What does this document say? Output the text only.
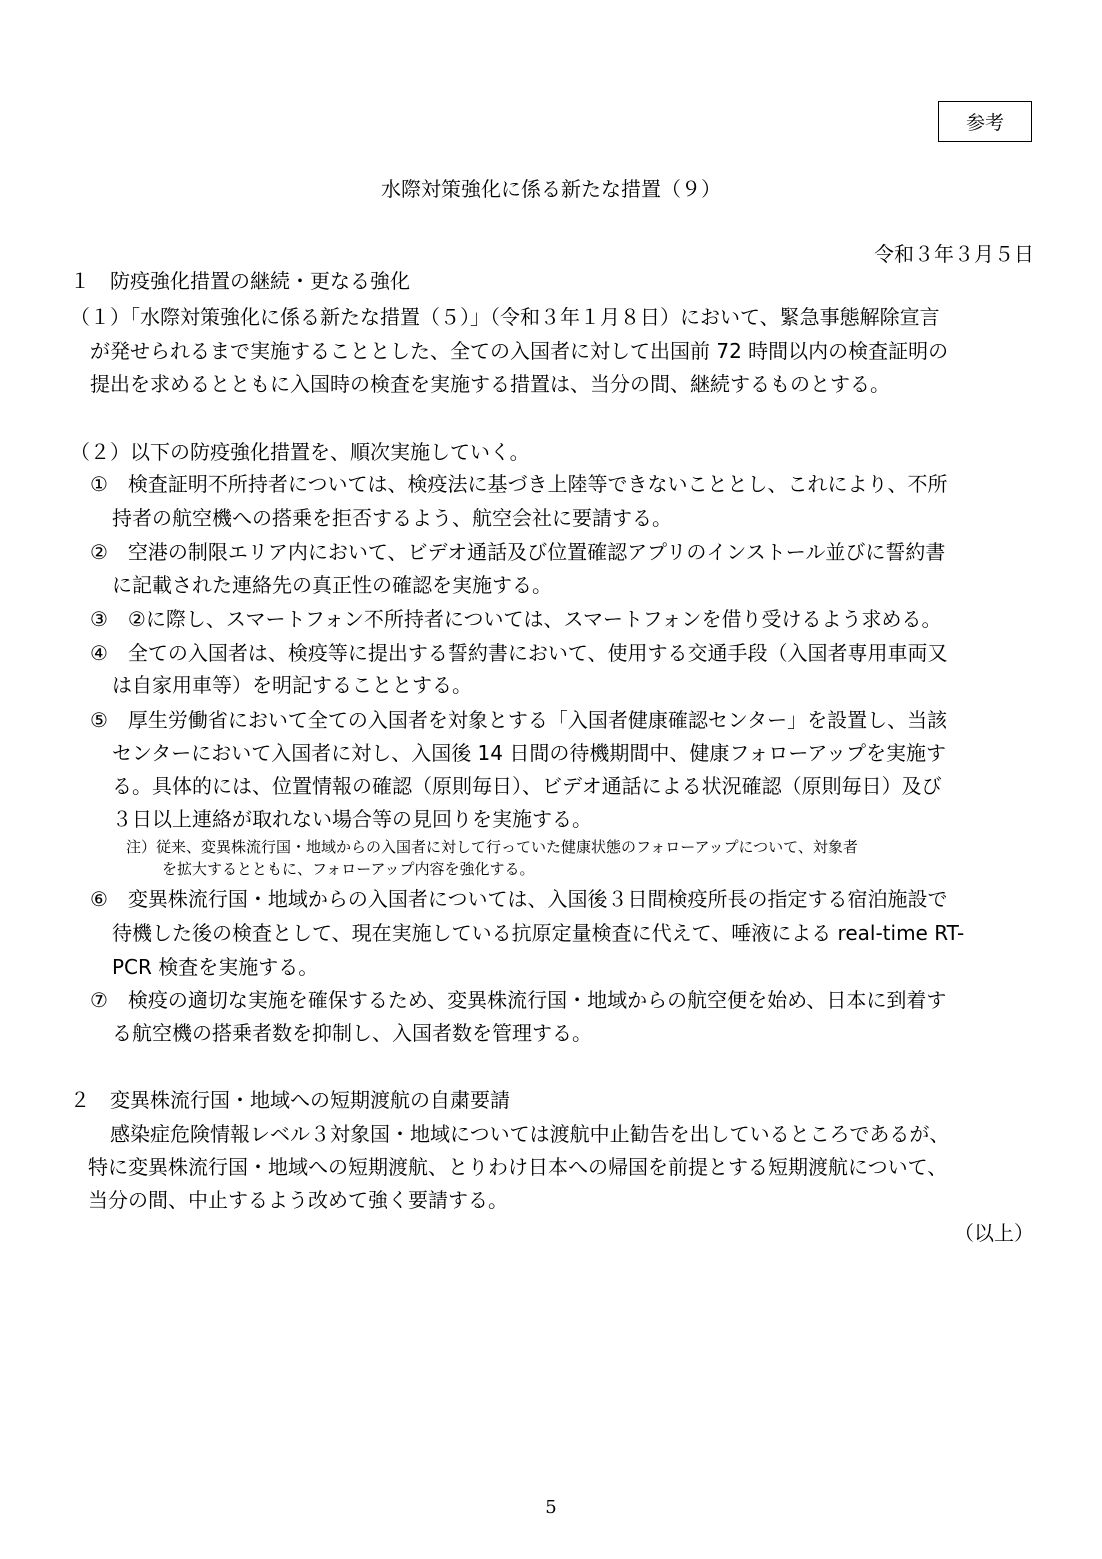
参考
水際対策強化に係る新たな措置（９）
令和３年３月５日
１　防疫強化措置の継続・更なる強化
（１）「水際対策強化に係る新たな措置（５）」（令和３年１月８日）において、緊急事態解除宣言
が発せられるまで実施することとした、全ての入国者に対して出国前 72 時間以内の検査証明の
提出を求めるとともに入国時の検査を実施する措置は、当分の間、継続するものとする。
（２）以下の防疫強化措置を、順次実施していく。
①　検査証明不所持者については、検疫法に基づき上陸等できないこととし、これにより、不所
持者の航空機への搭乗を拒否するよう、航空会社に要請する。
②　空港の制限エリア内において、ビデオ通話及び位置確認アプリのインストール並びに誓約書
に記載された連絡先の真正性の確認を実施する。
③　②に際し、スマートフォン不所持者については、スマートフォンを借り受けるよう求める。
④　全ての入国者は、検疫等に提出する誓約書において、使用する交通手段（入国者専用車両又
は自家用車等）を明記することとする。
⑤　厚生労働省において全ての入国者を対象とする「入国者健康確認センター」を設置し、当該
センターにおいて入国者に対し、入国後 14 日間の待機期間中、健康フォローアップを実施す
る。具体的には、位置情報の確認（原則毎日）、ビデオ通話による状況確認（原則毎日）及び
３日以上連絡が取れない場合等の見回りを実施する。
注）従来、変異株流行国・地域からの入国者に対して行っていた健康状態のフォローアップについて、対象者
を拡大するとともに、フォローアップ内容を強化する。
⑥　変異株流行国・地域からの入国者については、入国後３日間検疫所長の指定する宿泊施設で
待機した後の検査として、現在実施している抗原定量検査に代えて、唾液による real-time RT-
PCR 検査を実施する。
⑦　検疫の適切な実施を確保するため、変異株流行国・地域からの航空便を始め、日本に到着す
る航空機の搭乗者数を抑制し、入国者数を管理する。
２　変異株流行国・地域への短期渡航の自粛要請
感染症危険情報レベル３対象国・地域については渡航中止勧告を出しているところであるが、
特に変異株流行国・地域への短期渡航、とりわけ日本への帰国を前提とする短期渡航について、
当分の間、中止するよう改めて強く要請する。
（以上）
5
